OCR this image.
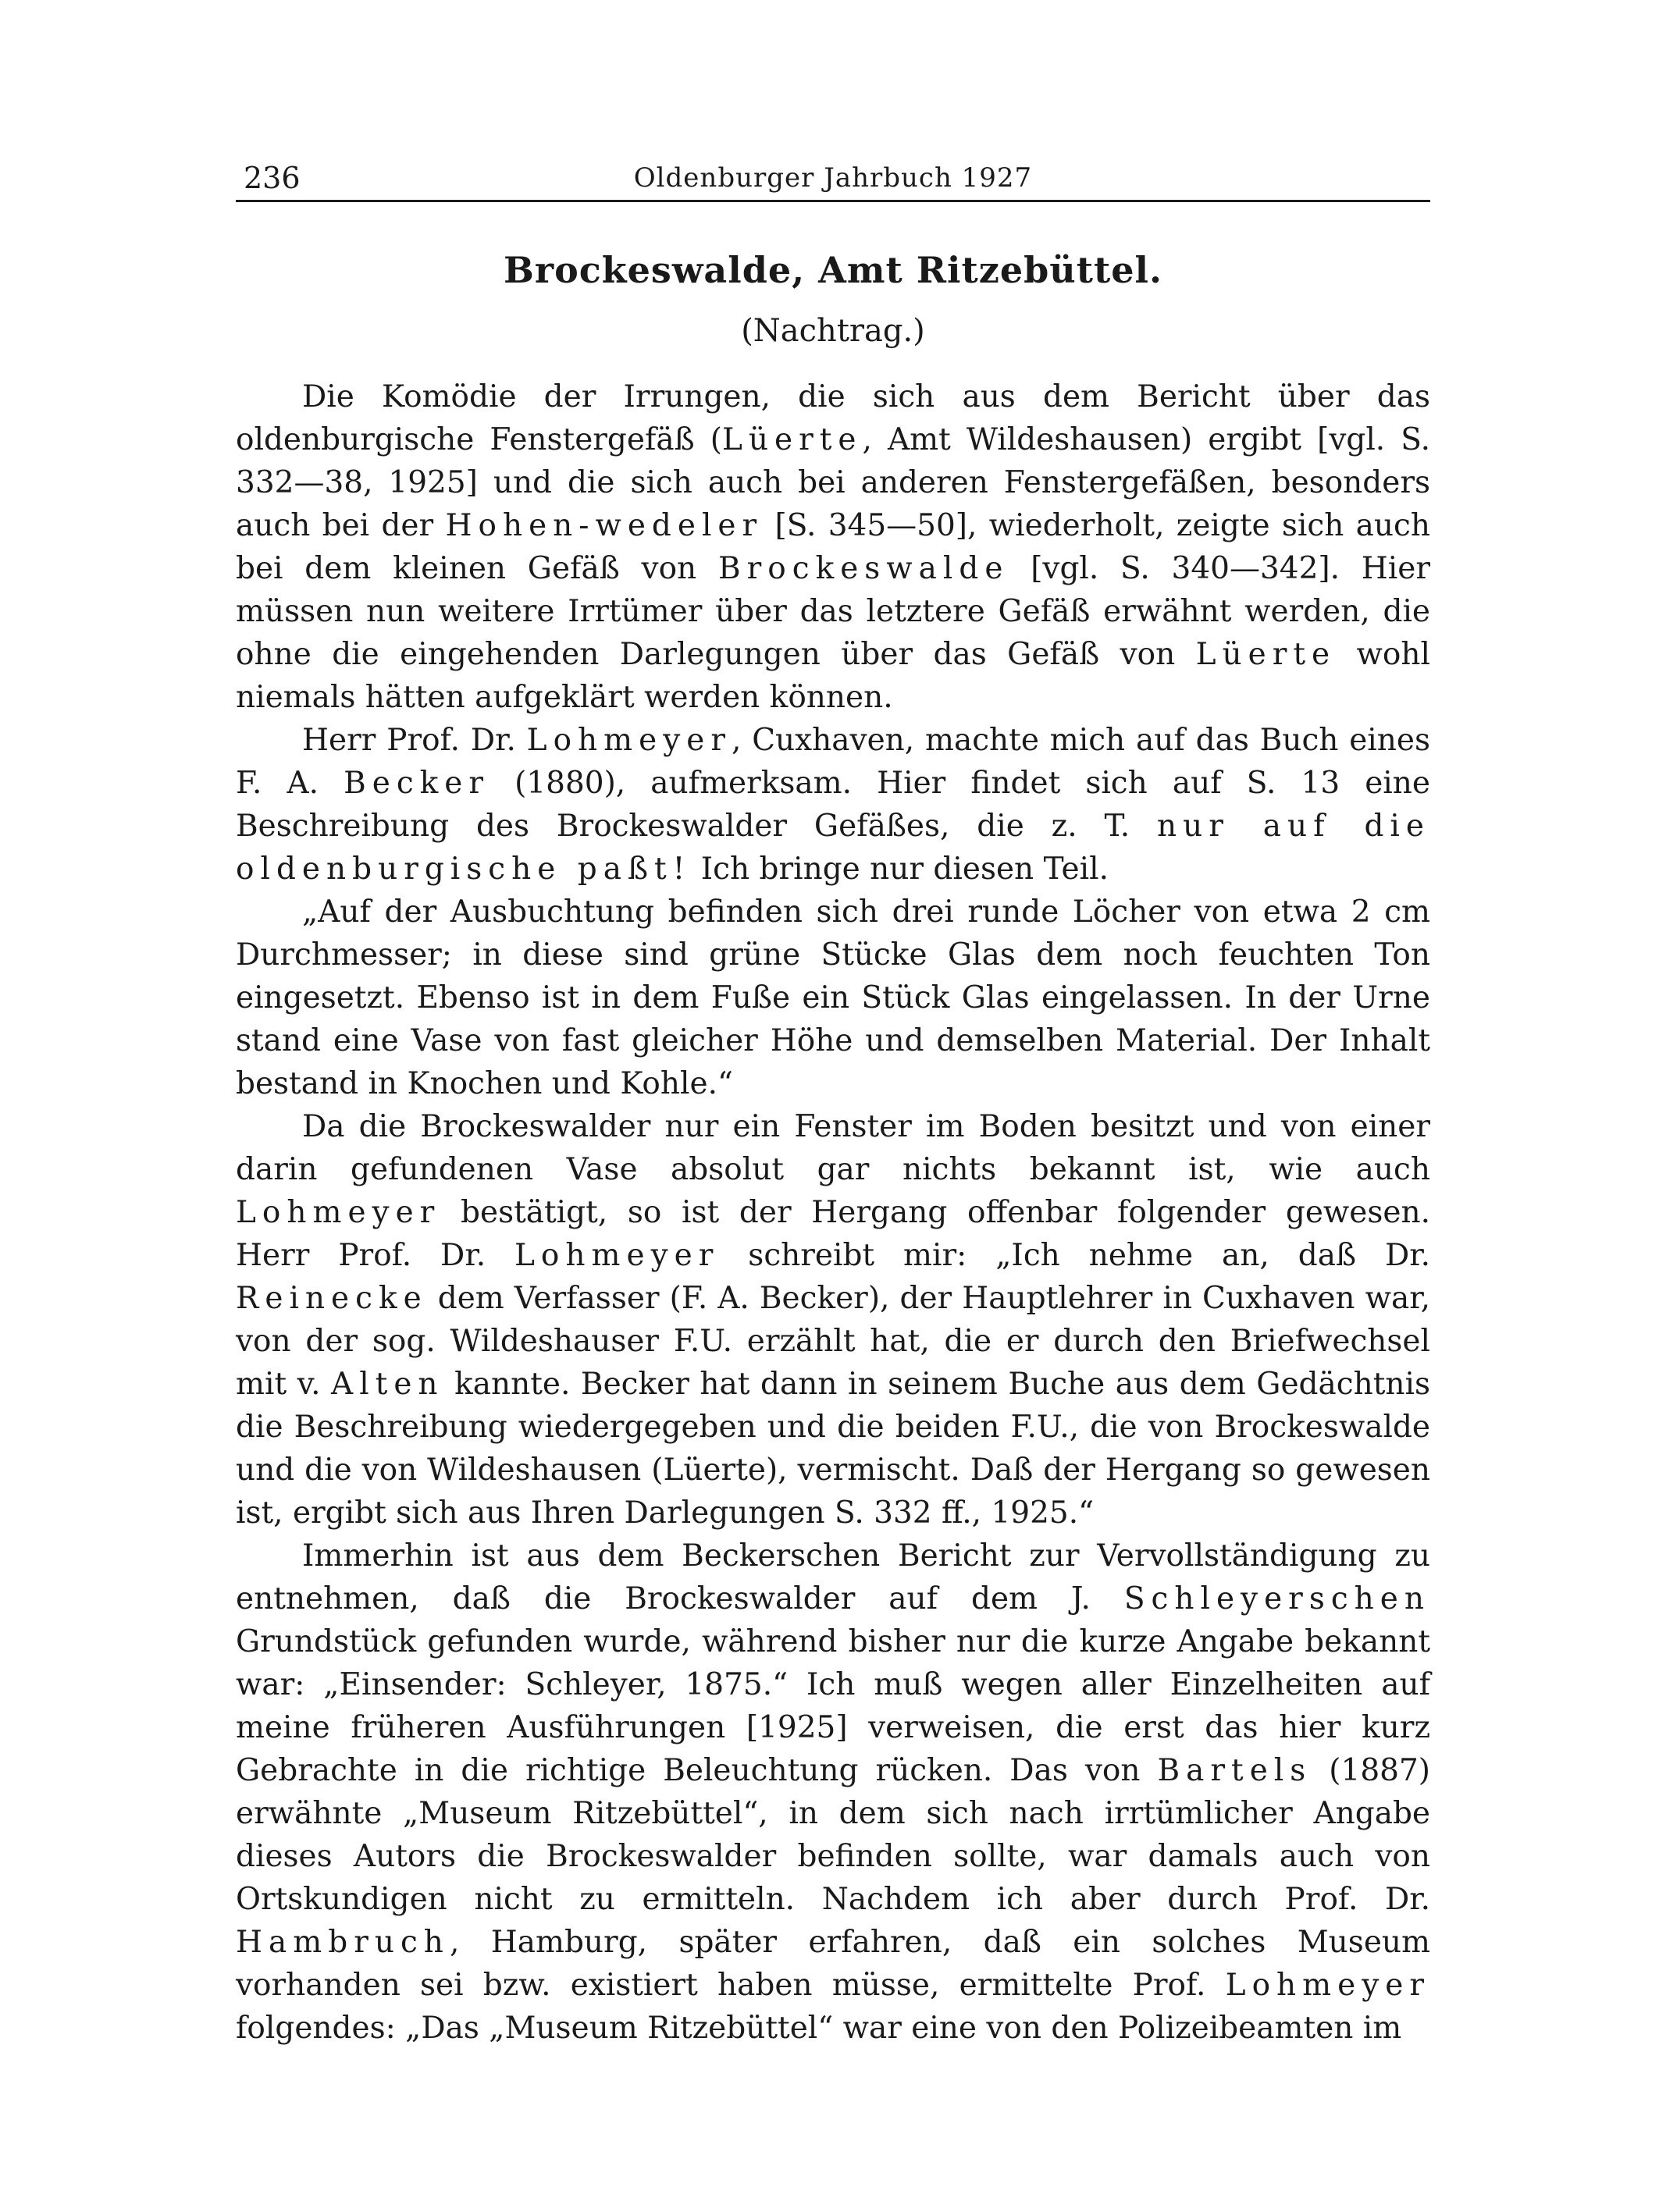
236	Oldenburger Jahrbuch 1927
Brockeswalde, Amt Ritzebüttel.
(Nachtrag.)

Die Komödie der Irrungen, die sich aus dem Bericht über das oldenburgische Fenstergefäß (Lüerte, Amt Wildeshausen) ergibt [vgl. S. 332—38, 1925] und die sich auch bei anderen Fenstergefäßen, besonders auch bei der Hohen-wedeler [S. 345—50], wiederholt, zeigte sich auch bei dem kleinen Gefäß von Brockeswalde [vgl. S. 340—342]. Hier müssen nun weitere Irrtümer über das letztere Gefäß erwähnt werden, die ohne die eingehenden Darlegungen über das Gefäß von Lüerte wohl niemals hätten aufgeklärt werden können.

Herr Prof. Dr. Lohmeyer, Cuxhaven, machte mich auf das Buch eines F. A. Becker (1880), aufmerksam. Hier findet sich auf S. 13 eine Beschreibung des Brockeswalder Gefäßes, die z. T. nur auf die oldenburgische paßt! Ich bringe nur diesen Teil.

„Auf der Ausbuchtung befinden sich drei runde Löcher von etwa 2 cm Durchmesser; in diese sind grüne Stücke Glas dem noch feuchten Ton eingesetzt. Ebenso ist in dem Fuße ein Stück Glas eingelassen. In der Urne stand eine Vase von fast gleicher Höhe und demselben Material. Der Inhalt bestand in Knochen und Kohle.“

Da die Brockeswalder nur ein Fenster im Boden besitzt und von einer darin gefundenen Vase absolut gar nichts bekannt ist, wie auch Lohmeyer bestätigt, so ist der Hergang offenbar folgender gewesen. Herr Prof. Dr. Lohmeyer schreibt mir: „Ich nehme an, daß Dr. Reinecke dem Verfasser (F. A. Becker), der Hauptlehrer in Cuxhaven war, von der sog. Wildeshauser F.U. erzählt hat, die er durch den Briefwechsel mit v. Alten kannte. Becker hat dann in seinem Buche aus dem Gedächtnis die Beschreibung wiedergegeben und die beiden F.U., die von Brockeswalde und die von Wildeshausen (Lüerte), vermischt. Daß der Hergang so gewesen ist, ergibt sich aus Ihren Darlegungen S. 332 ff., 1925.“

Immerhin ist aus dem Beckerschen Bericht zur Vervollständigung zu entnehmen, daß die Brockeswalder auf dem J. Schleyerschen Grundstück gefunden wurde, während bisher nur die kurze Angabe bekannt war: „Einsender: Schleyer, 1875.“ Ich muß wegen aller Einzelheiten auf meine früheren Ausführungen [1925] verweisen, die erst das hier kurz Gebrachte in die richtige Beleuchtung rücken. Das von Bartels (1887) erwähnte „Museum Ritzebüttel“, in dem sich nach irrtümlicher Angabe dieses Autors die Brockeswalder befinden sollte, war damals auch von Ortskundigen nicht zu ermitteln. Nachdem ich aber durch Prof. Dr. Hambruch, Hamburg, später erfahren, daß ein solches Museum vorhanden sei bzw. existiert haben müsse, ermittelte Prof. Lohmeyer folgendes: „Das „Museum Ritzebüttel“ war eine von den Polizeibeamten im
